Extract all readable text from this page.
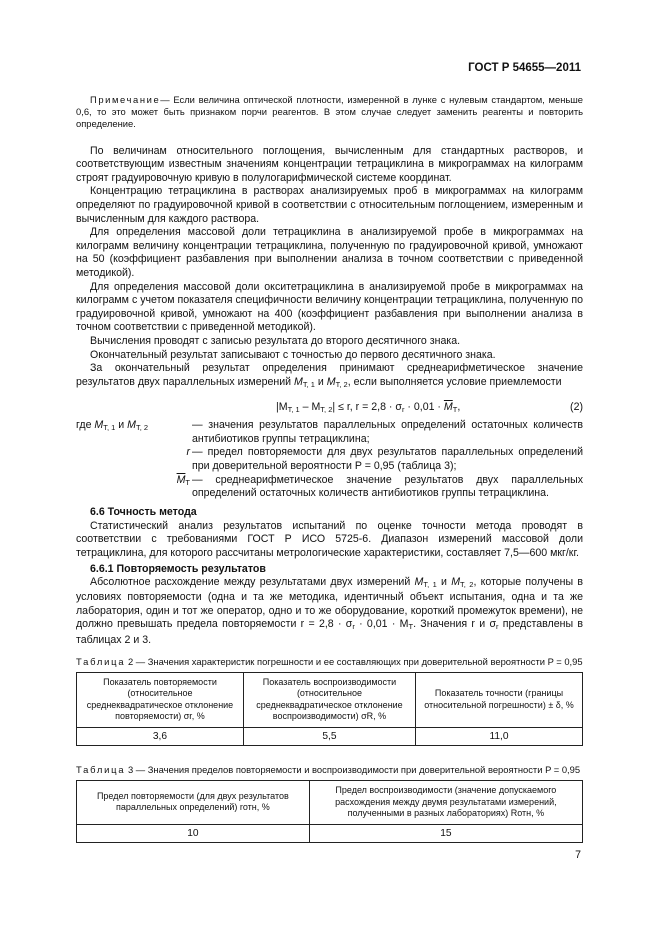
ГОСТ Р 54655—2011

Примечание— Если величина оптической плотности, измеренной в лунке с нулевым стандартом, меньше 0,6, то это может быть признаком порчи реагентов. В этом случае следует заменить реагенты и повторить определение.

По величинам относительного поглощения, вычисленным для стандартных растворов, и соответствующим известным значениям концентрации тетрациклина в микрограммах на килограмм строят градуировочную кривую в полулогарифмической системе координат.

Концентрацию тетрациклина в растворах анализируемых проб в микрограммах на килограмм определяют по градуировочной кривой в соответствии с относительным поглощением, измеренным и вычисленным для каждого раствора.

Для определения массовой доли тетрациклина в анализируемой пробе в микрограммах на килограмм величину концентрации тетрациклина, полученную по градуировочной кривой, умножают на 50 (коэффициент разбавления при выполнении анализа в точном соответствии с приведенной методикой).

Для определения массовой доли окситетрациклина в анализируемой пробе в микрограммах на килограмм с учетом показателя специфичности величину концентрации тетрациклина, полученную по градуировочной кривой, умножают на 400 (коэффициент разбавления при выполнении анализа в точном соответствии с приведенной методикой).

Вычисления проводят с записью результата до второго десятичного знака.

Окончательный результат записывают с точностью до первого десятичного знака.

За окончательный результат определения принимают среднеарифметическое значение результатов двух параллельных измерений $M_{T, 1}$ и $M_{T, 2}$, если выполняется условие приемлемости

$|M_{T, 1} - M_{T, 2}| \le r$, $r = 2,8 \cdot \sigma_r \cdot 0,01 \cdot \overline{M}_T$,	(2)
где $M_{T, 1}$ и $M_{T, 2}$	— значения результатов параллельных определений остаточных количеств антибиотиков группы тетрациклина;
r — предел повторяемости для двух результатов параллельных определений при доверительной вероятности P = 0,95 (таблица 3);
$\overline{M}_T$ — среднеарифметическое значение результатов двух параллельных определений остаточных количеств антибиотиков группы тетрациклина.
6.6 Точность метода

Статистический анализ результатов испытаний по оценке точности метода проводят в соответствии с требованиями ГОСТ Р ИСО 5725-6. Диапазон измерений массовой доли тетрациклина, для которого рассчитаны метрологические характеристики, составляет 7,5—600 мкг/кг.

6.6.1 Повторяемость результатов

Абсолютное расхождение между результатами двух измерений $M_{T, 1}$ и $M_{T, 2}$, которые получены в условиях повторяемости (одна и та же методика, идентичный объект испытания, одна и та же лаборатория, один и тот же оператор, одно и то же оборудование, короткий промежуток времени), не должно превышать предела повторяемости $r = 2,8 \cdot \sigma_r \cdot 0,01 \cdot M_T$. Значения r и $\sigma_r$ представлены в таблицах 2 и 3.

Таблица 2 — Значения характеристик погрешности и ее составляющих при доверительной вероятности P = 0,95
Показатель повторяемости (относительное среднеквадратическое отклонение повторяемости) σr, %	Показатель воспроизводимости (относительное среднеквадратическое отклонение воспроизводимости) σR, %	Показатель точности (границы относительной погрешности) ± δ, %
3,6	5,5	11,0
Таблица 3 — Значения пределов повторяемости и воспроизводимости при доверительной вероятности P = 0,95
Предел повторяемости (для двух результатов параллельных определений) rотн, %	Предел воспроизводимости (значение допускаемого расхождения между двумя результатами измерений, полученными в разных лабораториях) Rотн, %
10	15
7
